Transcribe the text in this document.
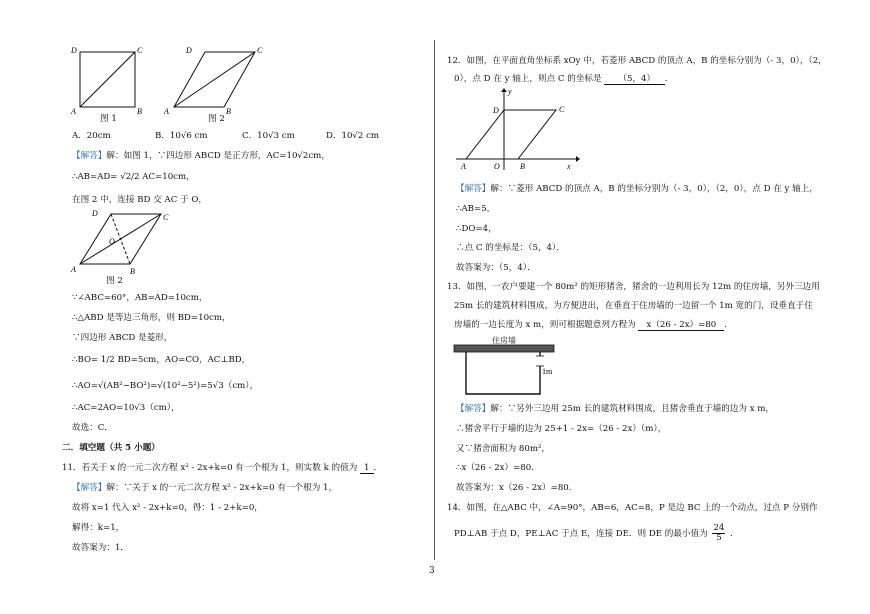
D	C
A	B
图 1
D	C
A	B
图 2
A．20cm	B．10√6 cm	C．10√3 cm	D．10√2 cm
【解答】解：如图 1，∵四边形 ABCD 是正方形，AC=10√2cm，
∴AB=AD= √2/2 AC=10cm，
在图 2 中，连接 BD 交 AC 于 O，
D	C
O
A	B
图 2
∵∠ABC=60°，AB=AD=10cm，
∴△ABD 是等边三角形，则 BD=10cm，
∵四边形 ABCD 是菱形，
∴BO= 1/2 BD=5cm，AO=CO，AC⊥BD，
∴AO=√(AB²−BO²)=√(10²−5²)=5√3（cm），
∴AC=2AO=10√3（cm），
故选：C．
二．填空题（共 5 小题）
11．若关于 x 的一元二次方程 x² - 2x+k=0 有一个根为 1，则实数 k 的值为 1 ．
【解答】解：∵关于 x 的一元二次方程 x² - 2x+k=0 有一个根为 1，
故将 x=1 代入 x² - 2x+k=0，得：1 - 2+k=0，
解得：k=1，
故答案为：1．
12．如图，在平面直角坐标系 xOy 中，若菱形 ABCD 的顶点 A，B 的坐标分别为（- 3，0），（2，
0），点 D 在 y 轴上，则点 C 的坐标是 （5，4） ．
y
x
A	O	B
D	C
【解答】解：∵菱形 ABCD 的顶点 A，B 的坐标分别为（- 3，0），（2，0），点 D 在 y 轴上，
∴AB=5，
∴DO=4，
∴点 C 的坐标是：（5，4）．
故答案为：（5，4）．
13．如图，一农户要建一个 80m² 的矩形猪舍，猪舍的一边利用长为 12m 的住房墙，另外三边用
25m 长的建筑材料围成，为方便进出，在垂直于住房墙的一边留一个 1m 宽的门，设垂直于住
房墙的一边长度为 x m，则可根据题意列方程为 x（26 - 2x）=80 ．
住房墙
1m
【解答】解：∵另外三边用 25m 长的建筑材料围成，且猪舍垂直于墙的边为 x m，
∴猪舍平行于墙的边为 25+1 - 2x=（26 - 2x）（m），
又∵猪舍面积为 80m²，
∴x（26 - 2x）=80．
故答案为：x（26 - 2x）=80．
14．如图，在△ABC 中，∠A=90°，AB=6，AC=8，P 是边 BC 上的一个动点，过点 P 分别作
PD⊥AB 于点 D，PE⊥AC 于点 E，连接 DE．则 DE 的最小值为 $\frac{24}{5}$ ．
3
